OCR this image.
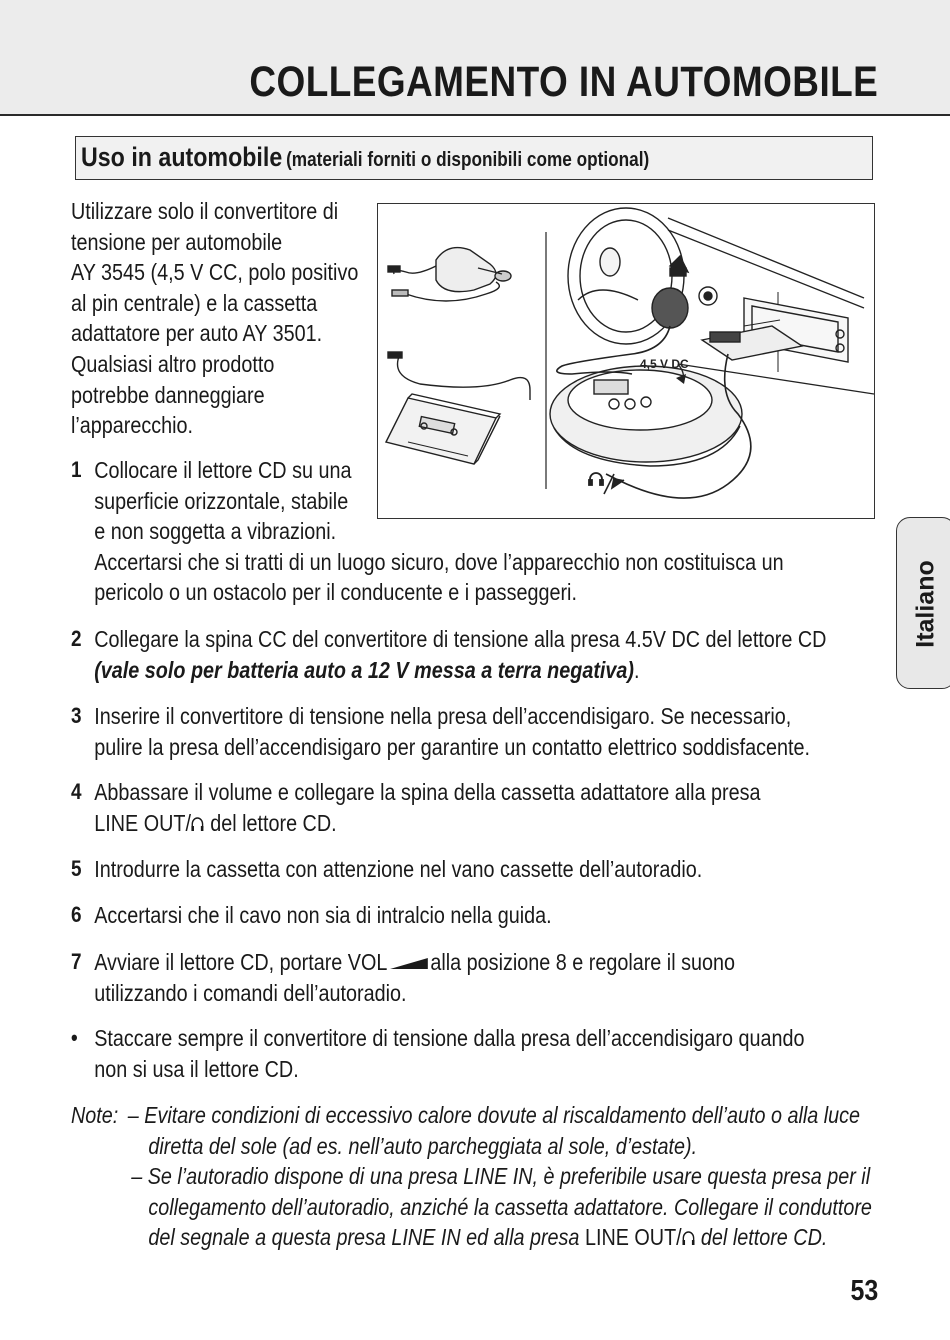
COLLEGAMENTO IN AUTOMOBILE
Uso in automobile (materiali forniti o disponibili come optional)

Utilizzare solo il convertitore di

tensione per automobile

AY 3545 (4,5 V CC, polo positivo

al pin centrale) e la cassetta

adattatore per auto AY 3501.

Qualsiasi altro prodotto

potrebbe danneggiare

l’apparecchio.

4,5 V DC
1 Collocare il lettore CD su una
superficie orizzontale, stabile
e non soggetta a vibrazioni.
Accertarsi che si tratti di un luogo sicuro, dove l’apparecchio non costituisca un
pericolo o un ostacolo per il conducente e i passeggeri.
2 Collegare la spina CC del convertitore di tensione alla presa 4.5V DC del lettore CD
(vale solo per batteria auto a 12 V messa a terra negativa).
3 Inserire il convertitore di tensione nella presa dell’accendisigaro. Se necessario,
pulire la presa dell’accendisigaro per garantire un contatto elettrico soddisfacente.
4 Abbassare il volume e collegare la spina della cassetta adattatore alla presa
LINE OUT/ del lettore CD.
5 Introdurre la cassetta con attenzione nel vano cassette dell’autoradio.
6 Accertarsi che il cavo non sia di intralcio nella guida.
7 Avviare il lettore CD, portare VOL alla posizione 8 e regolare il suono
utilizzando i comandi dell’autoradio.
• Staccare sempre il convertitore di tensione dalla presa dell’accendisigaro quando
non si usa il lettore CD.
Note: – Evitare condizioni di eccessivo calore dovute al riscaldamento dell’auto o alla luce
diretta del sole (ad es. nell’auto parcheggiata al sole, d’estate).
– Se l’autoradio dispone di una presa LINE IN, è preferibile usare questa presa per il
collegamento dell’autoradio, anziché la cassetta adattatore. Collegare il conduttore
del segnale a questa presa LINE IN ed alla presa LINE OUT/ del lettore CD.
Italiano
53
